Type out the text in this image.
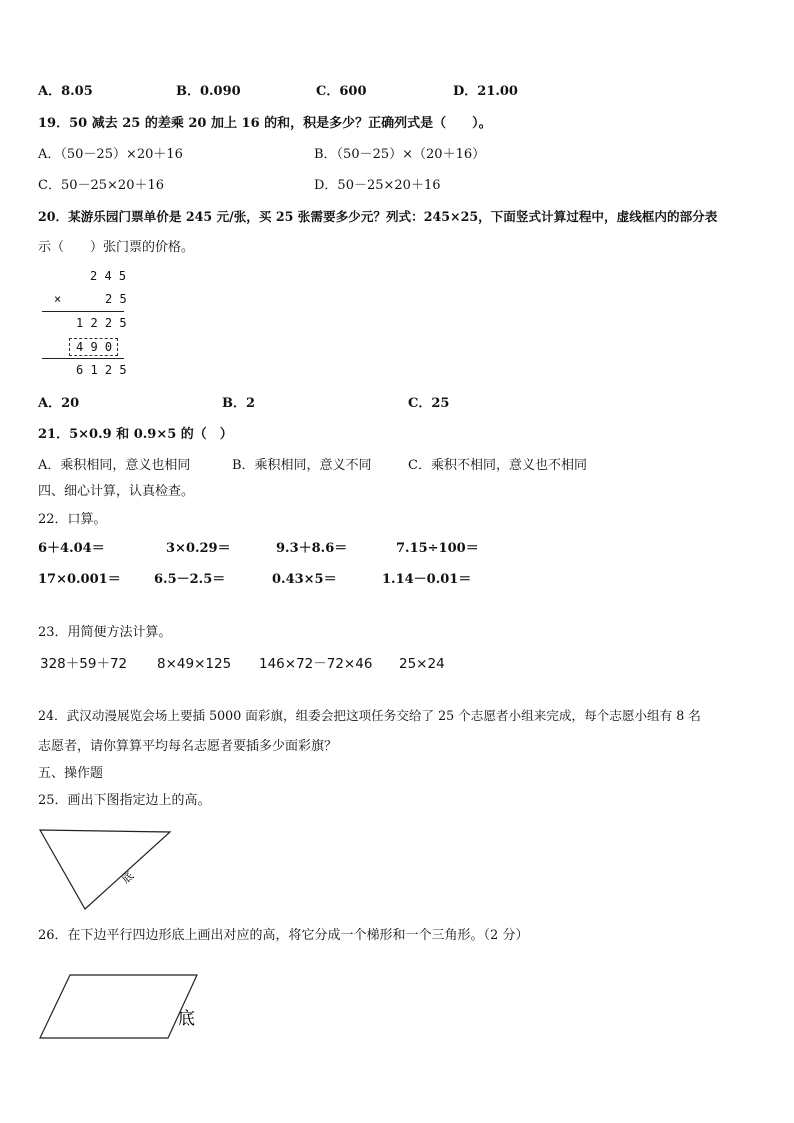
A．8.05	B．0.090	C．600	D．21.00
19．50 减去 25 的差乘 20 加上 16 的和，积是多少？正确列式是（　　）。
A．（50－25）×20＋16	B．（50－25）×（20＋16）
C．50－25×20＋16	D．50－25×20＋16
20．某游乐园门票单价是 245 元/张，买 25 张需要多少元？列式：245×25，下面竖式计算过程中，虚线框内的部分表
示（　　）张门票的价格。
2 4 5
×	2 5
1 2 2 5
4 9 0
6 1 2 5
A．20	B．2	C．25
21．5×0.9 和 0.9×5 的（　）
A．乘积相同，意义也相同	B．乘积相同，意义不同	C．乘积不相同，意义也不相同
四、细心计算，认真检查。
22．口算。
6＋4.04＝	3×0.29＝	9.3＋8.6＝	7.15÷100＝
17×0.001＝	6.5－2.5＝	0.43×5＝	1.14－0.01＝
23．用简便方法计算。
328＋59＋72 8×49×125 146×72－72×46 25×24
24．武汉动漫展览会场上要插 5000 面彩旗，组委会把这项任务交给了 25 个志愿者小组来完成，每个志愿小组有 8 名
志愿者，请你算算平均每名志愿者要插多少面彩旗？
五、操作题
25．画出下图指定边上的高。
底
底
26．在下边平行四边形底上画出对应的高，将它分成一个梯形和一个三角形。（2 分）
